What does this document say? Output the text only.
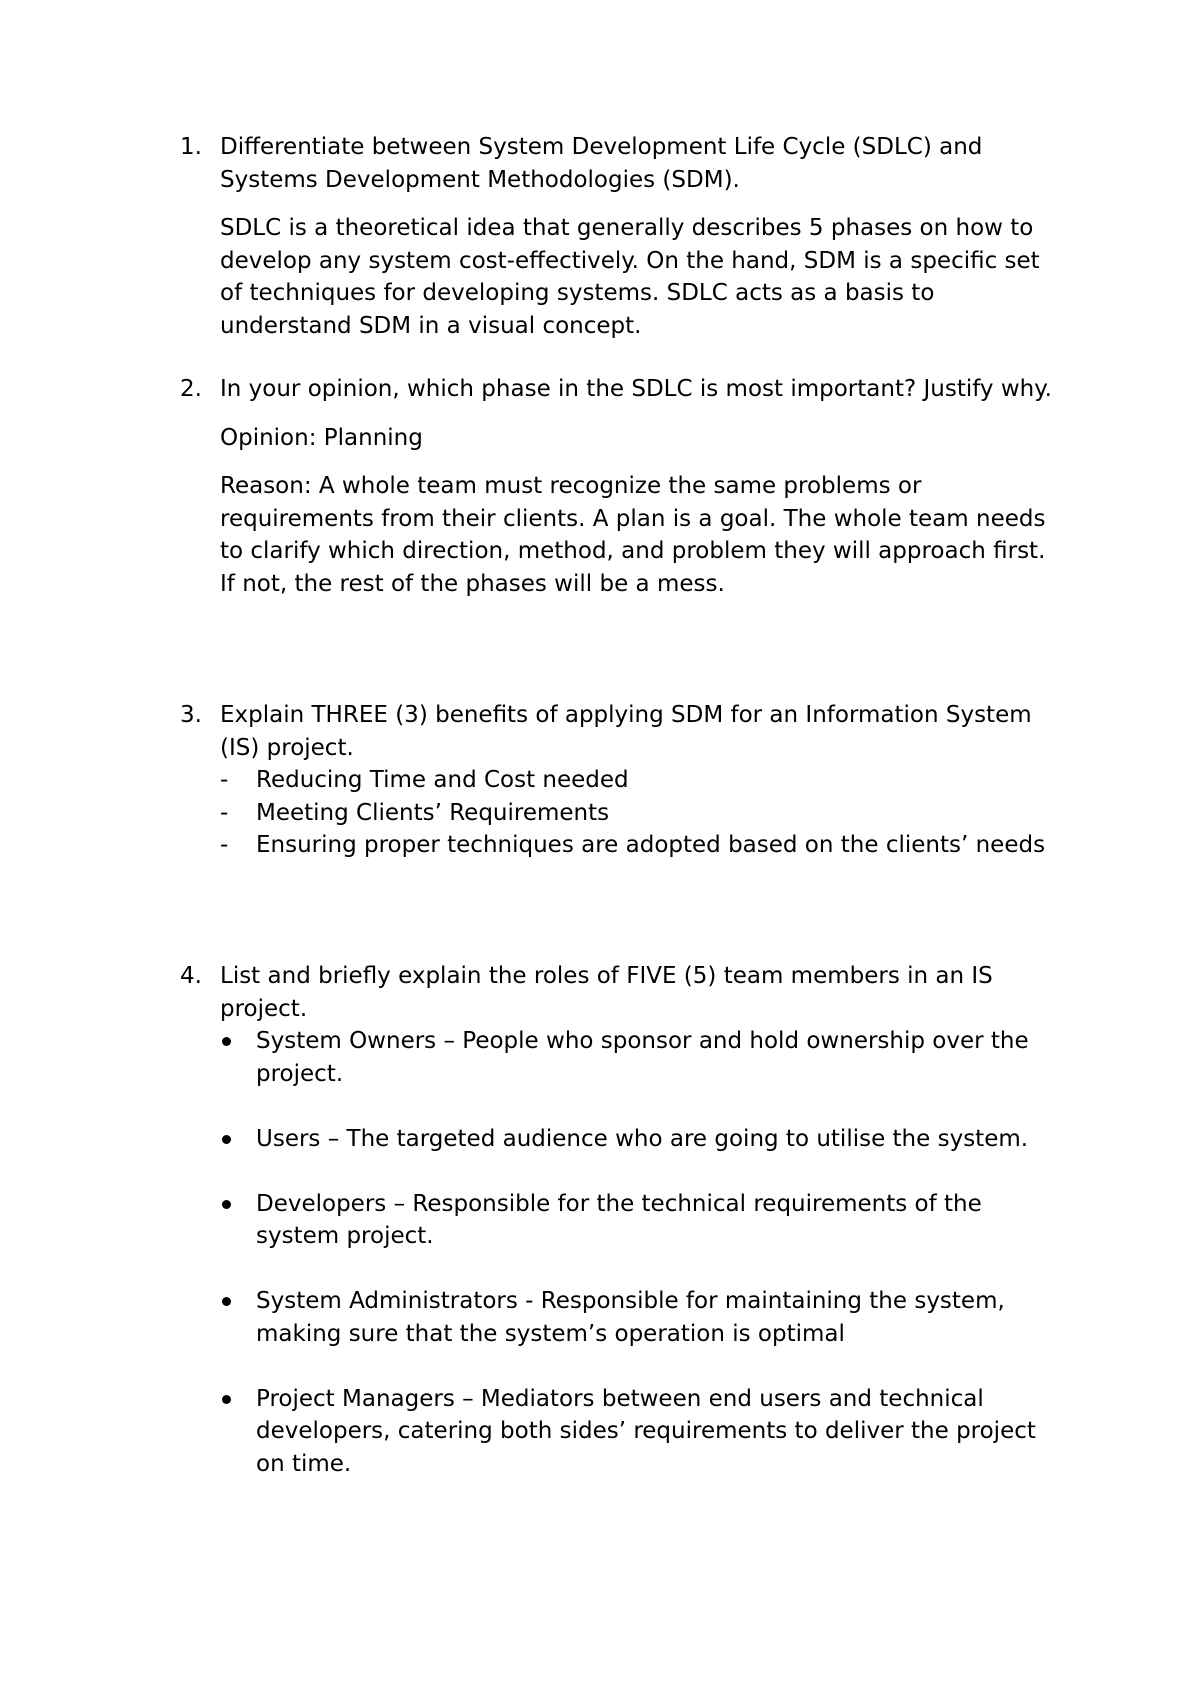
1. Differentiate between System Development Life Cycle (SDLC) and Systems Development Methodologies (SDM).

SDLC is a theoretical idea that generally describes 5 phases on how to develop any system cost-effectively. On the hand, SDM is a specific set of techniques for developing systems. SDLC acts as a basis to understand SDM in a visual concept.

2. In your opinion, which phase in the SDLC is most important? Justify why.

Opinion: Planning

Reason: A whole team must recognize the same problems or requirements from their clients. A plan is a goal. The whole team needs to clarify which direction, method, and problem they will approach first. If not, the rest of the phases will be a mess.

3. Explain THREE (3) benefits of applying SDM for an Information System (IS) project.

- Reducing Time and Cost needed
- Meeting Clients’ Requirements
- Ensuring proper techniques are adopted based on the clients’ needs
4. List and briefly explain the roles of FIVE (5) team members in an IS project.

System Owners – People who sponsor and hold ownership over the project.
Users – The targeted audience who are going to utilise the system.
Developers – Responsible for the technical requirements of the system project.
System Administrators - Responsible for maintaining the system, making sure that the system’s operation is optimal
Project Managers – Mediators between end users and technical developers, catering both sides’ requirements to deliver the project on time.
